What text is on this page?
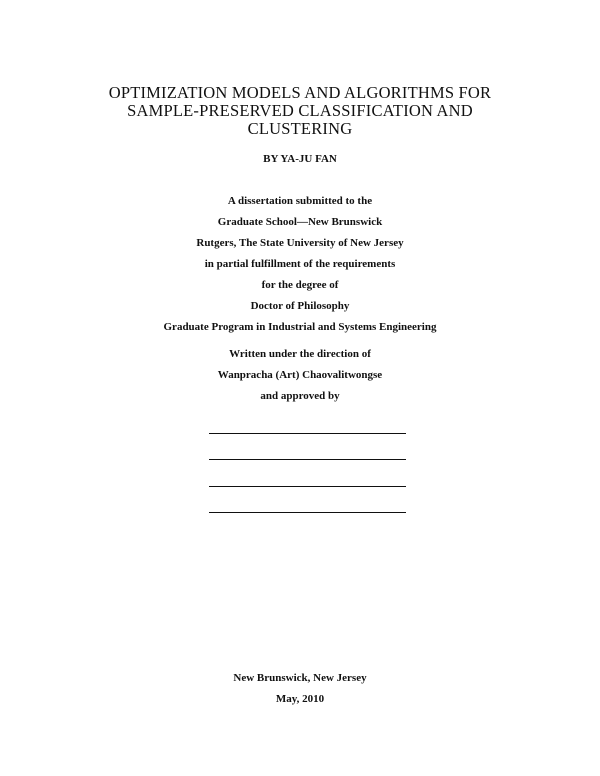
OPTIMIZATION MODELS AND ALGORITHMS FOR
SAMPLE-PRESERVED CLASSIFICATION AND
CLUSTERING
BY YA-JU FAN
A dissertation submitted to the
Graduate School—New Brunswick
Rutgers, The State University of New Jersey
in partial fulfillment of the requirements
for the degree of
Doctor of Philosophy
Graduate Program in Industrial and Systems Engineering
Written under the direction of
Wanpracha (Art) Chaovalitwongse
and approved by
New Brunswick, New Jersey
May, 2010
